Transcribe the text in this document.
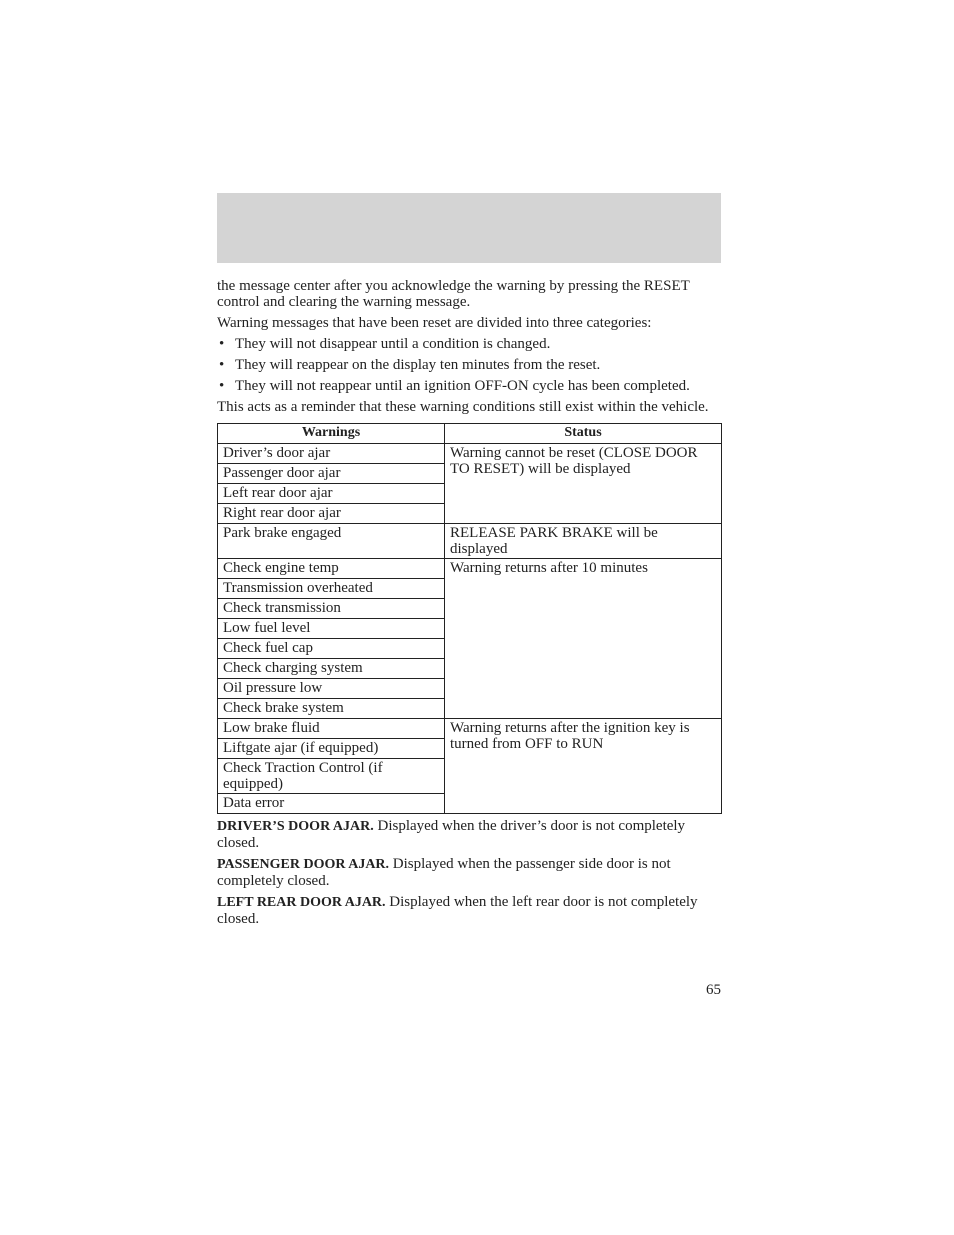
the message center after you acknowledge the warning by pressing the RESET control and clearing the warning message.

Warning messages that have been reset are divided into three categories:

• They will not disappear until a condition is changed.
• They will reappear on the display ten minutes from the reset.
• They will not reappear until an ignition OFF-ON cycle has been completed.

This acts as a reminder that these warning conditions still exist within the vehicle.

Warnings	Status
Driver’s door ajar	Warning cannot be reset (CLOSE DOOR TO RESET) will be displayed
Passenger door ajar	
Left rear door ajar	
Right rear door ajar	
Park brake engaged	RELEASE PARK BRAKE will be displayed
Check engine temp	Warning returns after 10 minutes
Transmission overheated	
Check transmission	
Low fuel level	
Check fuel cap	
Check charging system	
Oil pressure low	
Check brake system	
Low brake fluid	Warning returns after the ignition key is turned from OFF to RUN
Liftgate ajar (if equipped)	
Check Traction Control (if equipped)	
Data error	

DRIVER’S DOOR AJAR. Displayed when the driver’s door is not completely closed.

PASSENGER DOOR AJAR. Displayed when the passenger side door is not completely closed.

LEFT REAR DOOR AJAR. Displayed when the left rear door is not completely closed.

65
